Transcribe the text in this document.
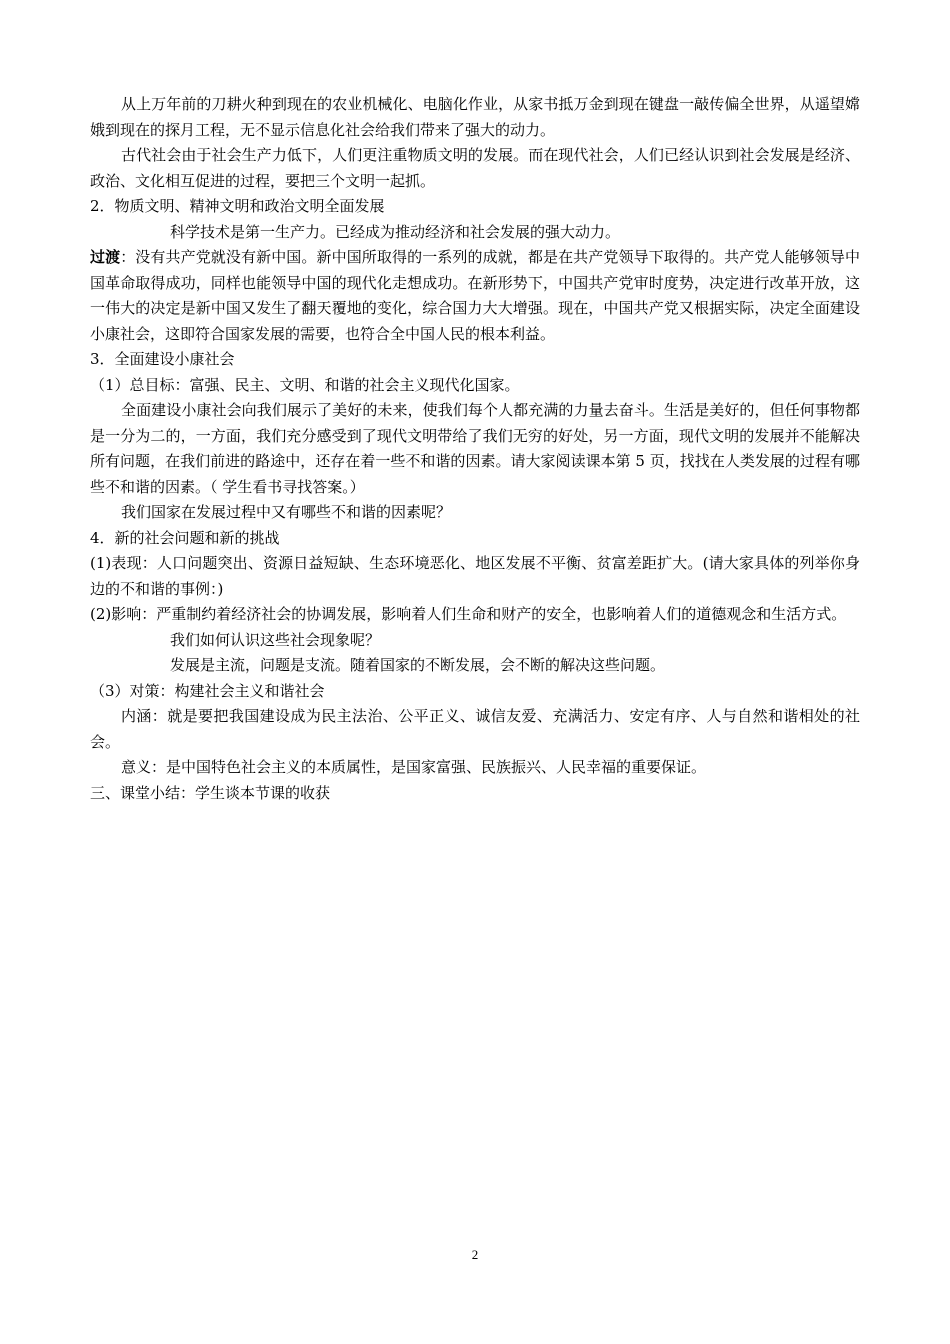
从上万年前的刀耕火种到现在的农业机械化、电脑化作业，从家书抵万金到现在键盘一敲传偏全世界，从遥望嫦娥到现在的探月工程，无不显示信息化社会给我们带来了强大的动力。

古代社会由于社会生产力低下，人们更注重物质文明的发展。而在现代社会，人们已经认识到社会发展是经济、政治、文化相互促进的过程，要把三个文明一起抓。

2．物质文明、精神文明和政治文明全面发展

科学技术是第一生产力。已经成为推动经济和社会发展的强大动力。

过渡：没有共产党就没有新中国。新中国所取得的一系列的成就，都是在共产党领导下取得的。共产党人能够领导中国革命取得成功，同样也能领导中国的现代化走想成功。在新形势下，中国共产党审时度势，决定进行改革开放，这一伟大的决定是新中国又发生了翻天覆地的变化，综合国力大大增强。现在，中国共产党又根据实际，决定全面建设小康社会，这即符合国家发展的需要，也符合全中国人民的根本利益。

3．全面建设小康社会

（1）总目标：富强、民主、文明、和谐的社会主义现代化国家。

全面建设小康社会向我们展示了美好的未来，使我们每个人都充满的力量去奋斗。生活是美好的，但任何事物都是一分为二的，一方面，我们充分感受到了现代文明带给了我们无穷的好处，另一方面，现代文明的发展并不能解决所有问题，在我们前进的路途中，还存在着一些不和谐的因素。请大家阅读课本第 5 页，找找在人类发展的过程有哪些不和谐的因素。（ 学生看书寻找答案。）

我们国家在发展过程中又有哪些不和谐的因素呢？

4．新的社会问题和新的挑战

(1)表现：人口问题突出、资源日益短缺、生态环境恶化、地区发展不平衡、贫富差距扩大。(请大家具体的列举你身边的不和谐的事例：)

(2)影响：严重制约着经济社会的协调发展，影响着人们生命和财产的安全，也影响着人们的道德观念和生活方式。

我们如何认识这些社会现象呢？

发展是主流，问题是支流。随着国家的不断发展，会不断的解决这些问题。

（3）对策：构建社会主义和谐社会

内涵：就是要把我国建设成为民主法治、公平正义、诚信友爱、充满活力、安定有序、人与自然和谐相处的社会。

意义：是中国特色社会主义的本质属性，是国家富强、民族振兴、人民幸福的重要保证。

三、课堂小结：学生谈本节课的收获

2
